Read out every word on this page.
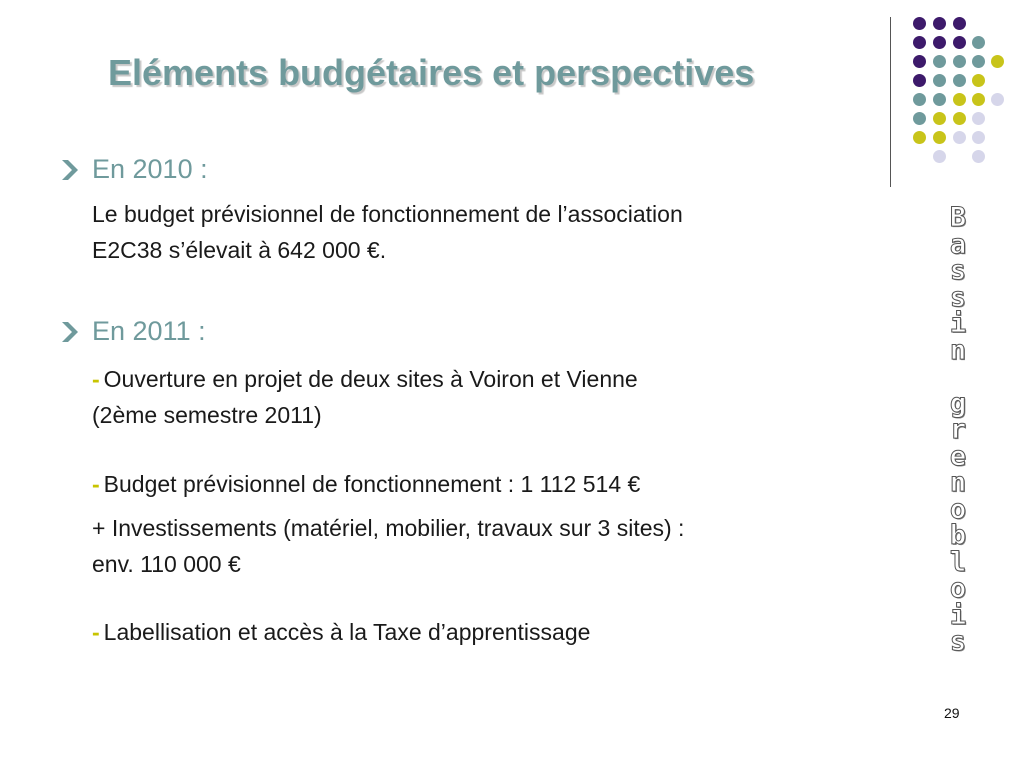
Eléments budgétaires et perspectives
En 2010 :
Le budget prévisionnel de fonctionnement de l’association
E2C38 s’élevait à 642 000 €.
En 2011 :
- Ouverture en projet de deux sites à Voiron et Vienne
(2ème semestre 2011)
- Budget prévisionnel de fonctionnement : 1 112 514 €
+ Investissements (matériel, mobilier, travaux sur 3 sites) :
env. 110 000 €
- Labellisation et accès à la Taxe d’apprentissage
B
a
s
s
i
n

g
r
e
n
o
b
l
o
i
s
29
